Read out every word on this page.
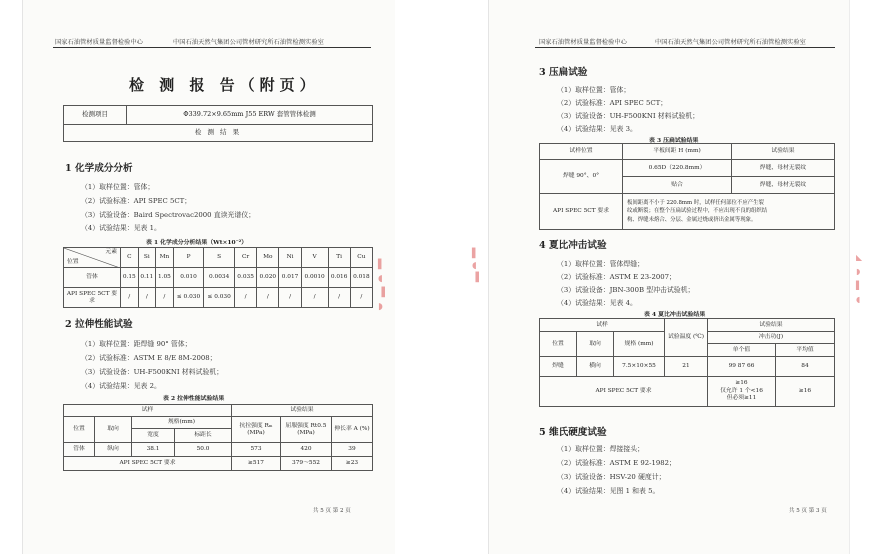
国家石油管材质量监督检验中心	中国石油天然气集团公司管材研究所石油管检测实验室
检 测 报 告（附页）
检测项目	Φ339.72×9.65mm J55 ERW 套管管体检测
检 测 结 果
1 化学成分分析
（1）取样位置：管体；
（2）试验标准：API SPEC 5CT；
（3）试验设备：Baird Spectrovac2000 直读光谱仪；
（4）试验结果：见表 1。
表 1 化学成分分析结果（Wt×10⁻²）
元素
位置	C	Si	Mn	P	S	Cr	Mo	Ni	V	Ti	Cu
管体	0.15	0.11	1.05	0.010	0.0034	0.035	0.020	0.017	0.0010	0.016	0.018
API SPEC 5CT 要求	/	/	/	≤ 0.030	≤ 0.030	/	/	/	/	/	/
2 拉伸性能试验
（1）取样位置：距焊缝 90° 管体；
（2）试验标准：ASTM E 8/E 8M-2008；
（3）试验设备：UH-F500KNI 材料试验机；
（4）试验结果：见表 2。
表 2 拉伸性能试验结果
试样				试验结果		
位置	取向	规格(mm)		抗拉强度 Rₘ (MPa)	屈服强度 Rt0.5 (MPa)	伸长率 A (%)
		宽度	标距长			
管体	纵向	38.1	50.0	573	420	39
API SPEC 5CT 要求				≥517	379～552	≥23
共 5 页 第 2 页
▌
◖
▐
◗
国家石油管材质量监督检验中心	中国石油天然气集团公司管材研究所石油管检测实验室
3 压扁试验
（1）取样位置：管体；
（2）试验标准：API SPEC 5CT；
（3）试验设备：UH-F500KNI 材料试验机；
（4）试验结果：见表 3。
表 3 压扁试验结果
试样位置	平板间距 H (mm)	试验结果
焊缝 90°、0°	0.65D（220.8mm）	焊缝、母材无裂纹
	贴合	焊缝、母材无裂纹
API SPEC 5CT 要求	板间距离不小于 220.8mm 时，试样任何部位不应产生裂
纹或断裂；在整个压扁试验过程中，不应出现不良的组织结
构、焊缝未熔合、分层、金属过烧或挤出金属等现象。	
4 夏比冲击试验
（1）取样位置：管体焊缝；
（2）试验标准：ASTM E 23-2007；
（3）试验设备：JBN-300B 型冲击试验机；
（4）试验结果：见表 4。
表 4 夏比冲击试验结果
试样			试验温度 (℃)	试验结果	
位置	取向	规格 (mm)		冲击功(J)	
				单个值	平均值
焊缝	横向	7.5×10×55	21	99 87 66	84
API SPEC 5CT 要求				≥16
仅允许 1 个<16
但必须≥11	≥16
5 维氏硬度试验
（1）取样位置：焊接接头；
（2）试验标准：ASTM E 92-1982；
（3）试验设备：HSV-20 硬度计；
（4）试验结果：见图 1 和表 5。
共 5 页 第 3 页
▌
◖
▐
◣
◗
▌
◖
